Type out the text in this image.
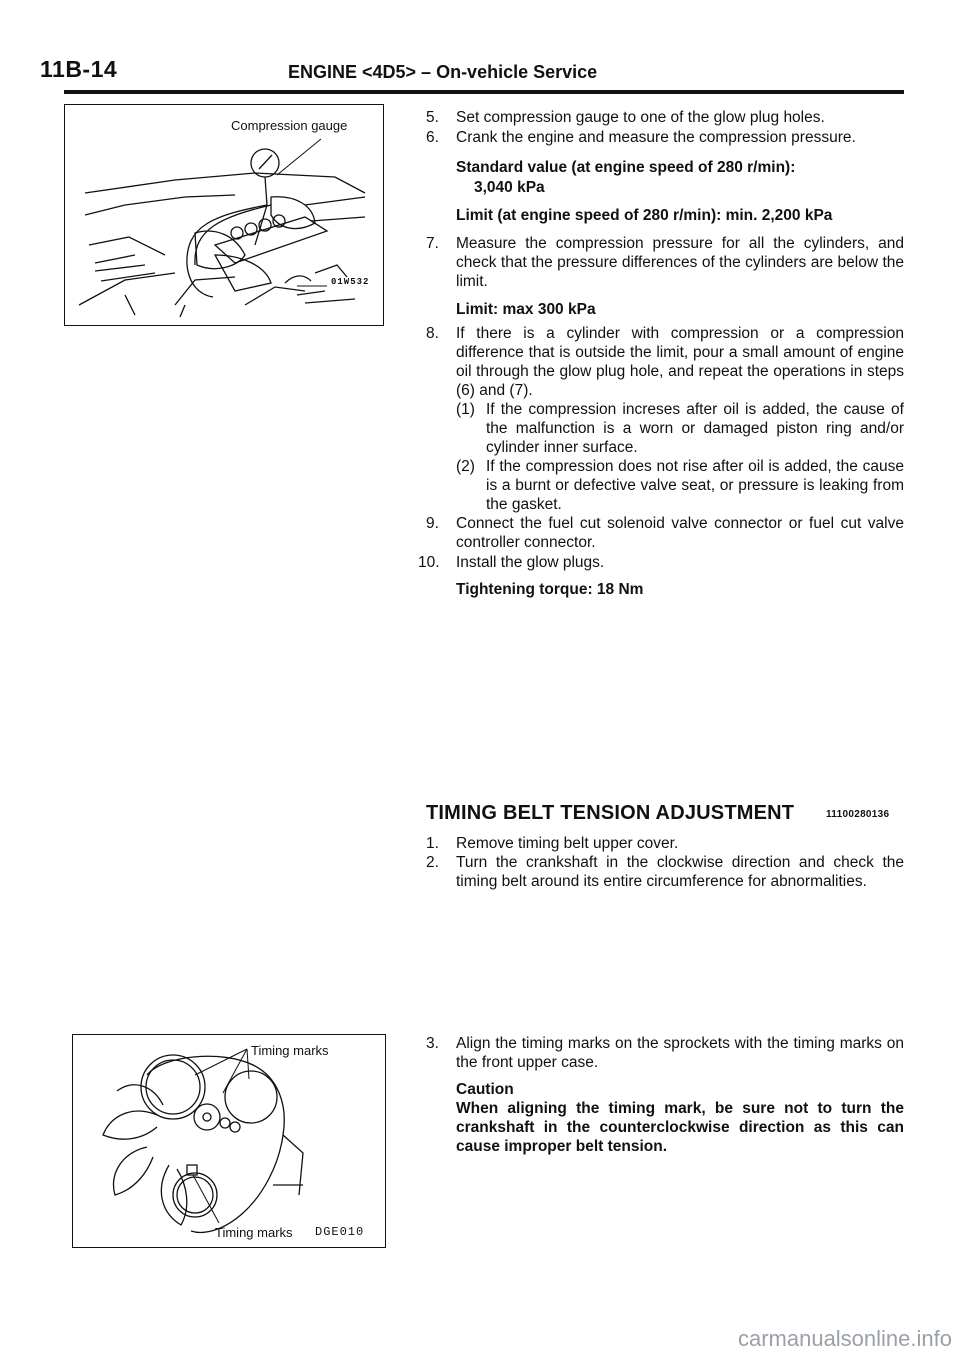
11B-14	ENGINE <4D5> – On-vehicle Service
Compression gauge
01W532
Timing marks
Timing marks DGE010
5.	Set compression gauge to one of the glow plug holes.
6.	Crank the engine and measure the compression pressure.
Standard value (at engine speed of 280 r/min):
3,040 kPa
Limit (at engine speed of 280 r/min): min. 2,200 kPa
7.	Measure the compression pressure for all the cylinders, and check that the pressure differences of the cylinders are below the limit.
Limit: max 300 kPa
8.	If there is a cylinder with compression or a compression difference that is outside the limit, pour a small amount of engine oil through the glow plug hole, and repeat the operations in steps (6) and (7).
(1) If the compression increses after oil is added, the cause of the malfunction is a worn or damaged piston ring and/or cylinder inner surface.
(2) If the compression does not rise after oil is added, the cause is a burnt or defective valve seat, or pressure is leaking from the gasket.
9.	Connect the fuel cut solenoid valve connector or fuel cut valve controller connector.
10.	Install the glow plugs.
Tightening torque: 18 Nm
TIMING BELT TENSION ADJUSTMENT	11100280136
1.	Remove timing belt upper cover.
2.	Turn the crankshaft in the clockwise direction and check the timing belt around its entire circumference for abnormalities.
3.	Align the timing marks on the sprockets with the timing marks on the front upper case.
Caution
When aligning the timing mark, be sure not to turn the crankshaft in the counterclockwise direction as this can cause improper belt tension.
carmanualsonline.info
